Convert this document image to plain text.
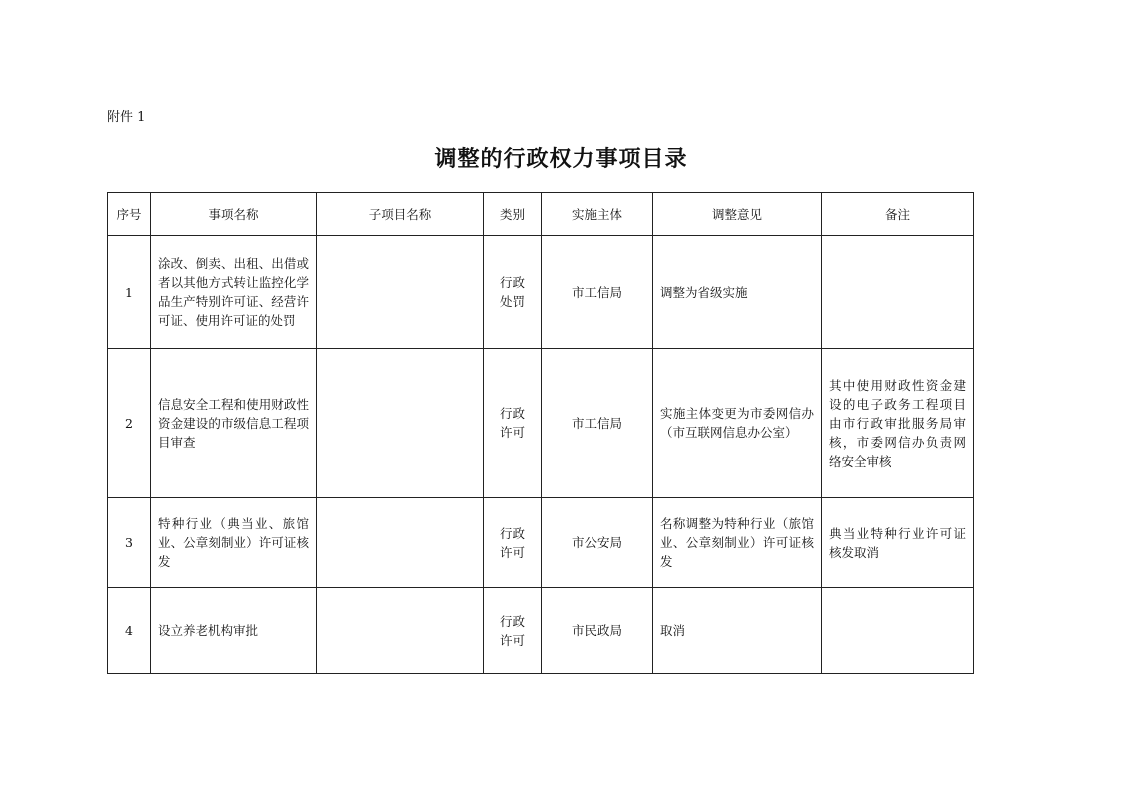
附件 1
调整的行政权力事项目录
序号	事项名称	子项目名称	类别	实施主体	调整意见	备注
1	涂改、倒卖、出租、出借或者以其他方式转让监控化学品生产特别许可证、经营许可证、使用许可证的处罚		行政处罚	市工信局	调整为省级实施	
2	信息安全工程和使用财政性资金建设的市级信息工程项目审查		行政许可	市工信局	实施主体变更为市委网信办（市互联网信息办公室）	其中使用财政性资金建设的电子政务工程项目由市行政审批服务局审核，市委网信办负责网络安全审核
3	特种行业（典当业、旅馆业、公章刻制业）许可证核发		行政许可	市公安局	名称调整为特种行业（旅馆业、公章刻制业）许可证核发	典当业特种行业许可证核发取消
4	设立养老机构审批		行政许可	市民政局	取消	
